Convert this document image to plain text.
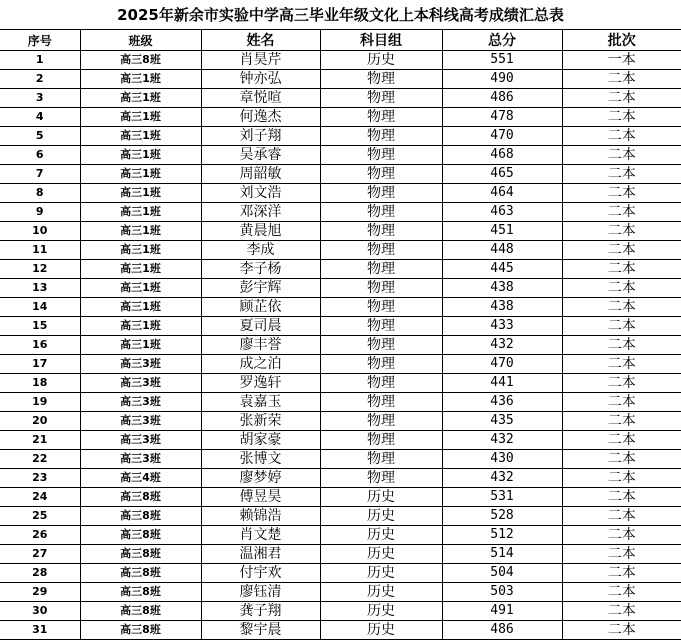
2025年新余市实验中学高三毕业年级文化上本科线高考成绩汇总表
序号	班级	姓名	科目组	总分	批次
1	高三8班	肖昊芹	历史	551	一本
2	高三1班	钟亦弘	物理	490	二本
3	高三1班	章悦喧	物理	486	二本
4	高三1班	何逸杰	物理	478	二本
5	高三1班	刘子翔	物理	470	二本
6	高三1班	吴承睿	物理	468	二本
7	高三1班	周韶敏	物理	465	二本
8	高三1班	刘文浩	物理	464	二本
9	高三1班	邓深洋	物理	463	二本
10	高三1班	黄晨旭	物理	451	二本
11	高三1班	李成	物理	448	二本
12	高三1班	李子杨	物理	445	二本
13	高三1班	彭宇辉	物理	438	二本
14	高三1班	顾芷依	物理	438	二本
15	高三1班	夏司晨	物理	433	二本
16	高三1班	廖丰誉	物理	432	二本
17	高三3班	成之泊	物理	470	二本
18	高三3班	罗逸轩	物理	441	二本
19	高三3班	袁嘉玉	物理	436	二本
20	高三3班	张新荣	物理	435	二本
21	高三3班	胡家豪	物理	432	二本
22	高三3班	张博文	物理	430	二本
23	高三4班	廖梦婷	物理	432	二本
24	高三8班	傅昱昊	历史	531	二本
25	高三8班	赖锦浩	历史	528	二本
26	高三8班	肖文楚	历史	512	二本
27	高三8班	温湘君	历史	514	二本
28	高三8班	付宇欢	历史	504	二本
29	高三8班	廖钰清	历史	503	二本
30	高三8班	龚子翔	历史	491	二本
31	高三8班	黎宇晨	历史	486	二本
